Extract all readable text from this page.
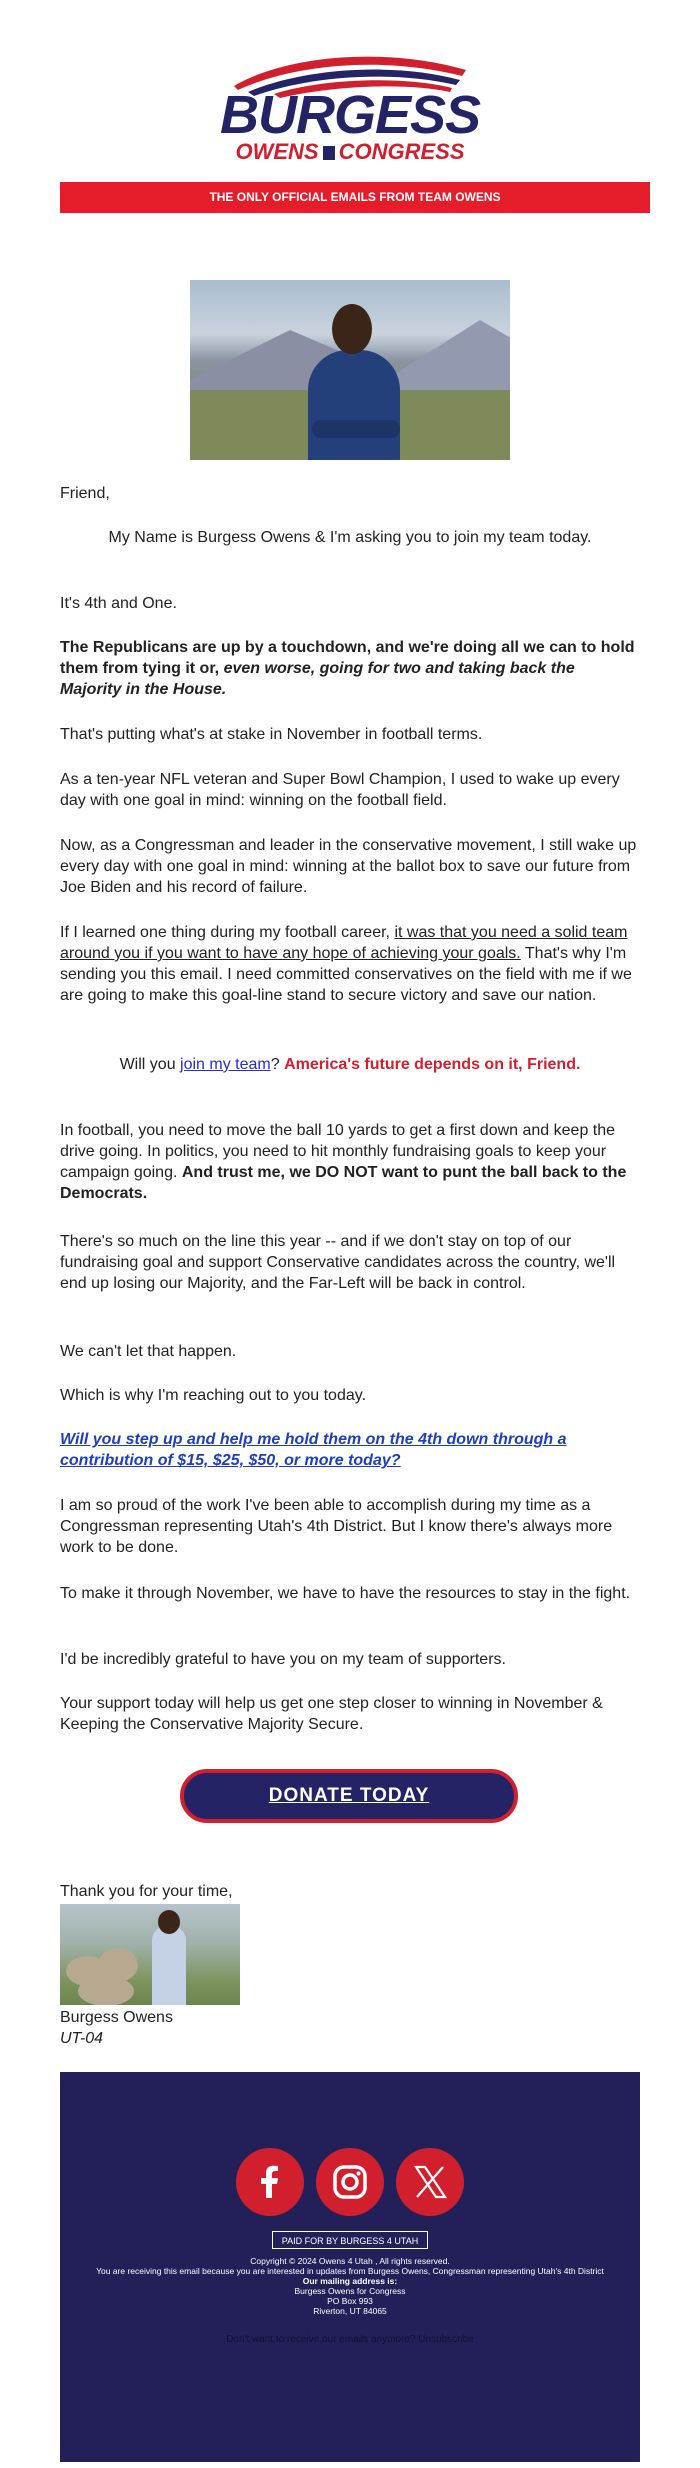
BURGESS
OWENS CONGRESS
THE ONLY OFFICIAL EMAILS FROM TEAM OWENS

Friend,

My Name is Burgess Owens & I'm asking you to join my team today.

It's 4th and One.

The Republicans are up by a touchdown, and we're doing all we can to hold them from tying it or, even worse, going for two and taking back the Majority in the House.

That's putting what's at stake in November in football terms.

As a ten-year NFL veteran and Super Bowl Champion, I used to wake up every day with one goal in mind: winning on the football field.

Now, as a Congressman and leader in the conservative movement, I still wake up every day with one goal in mind: winning at the ballot box to save our future from Joe Biden and his record of failure.

If I learned one thing during my football career, it was that you need a solid team around you if you want to have any hope of achieving your goals. That's why I'm sending you this email. I need committed conservatives on the field with me if we are going to make this goal-line stand to secure victory and save our nation.

Will you join my team? America's future depends on it, Friend.

In football, you need to move the ball 10 yards to get a first down and keep the drive going. In politics, you need to hit monthly fundraising goals to keep your campaign going. And trust me, we DO NOT want to punt the ball back to the Democrats.

There's so much on the line this year -- and if we don't stay on top of our fundraising goal and support Conservative candidates across the country, we'll end up losing our Majority, and the Far-Left will be back in control.

We can't let that happen.

Which is why I'm reaching out to you today.

Will you step up and help me hold them on the 4th down through a contribution of $15, $25, $50, or more today?

I am so proud of the work I've been able to accomplish during my time as a Congressman representing Utah's 4th District. But I know there's always more work to be done.

To make it through November, we have to have the resources to stay in the fight.

I'd be incredibly grateful to have you on my team of supporters.

Your support today will help us get one step closer to winning in November & Keeping the Conservative Majority Secure.

DONATE TODAY

Thank you for your time,

Burgess Owens

UT-04

PAID FOR BY BURGESS 4 UTAH

Copyright © 2024 Owens 4 Utah , All rights reserved.

You are receiving this email because you are interested in updates from Burgess Owens, Congressman representing Utah's 4th District

Our mailing address is:

Burgess Owens for Congress

PO Box 993

Riverton, UT 84065

Don't want to receive our emails anymore? Unsubscribe
